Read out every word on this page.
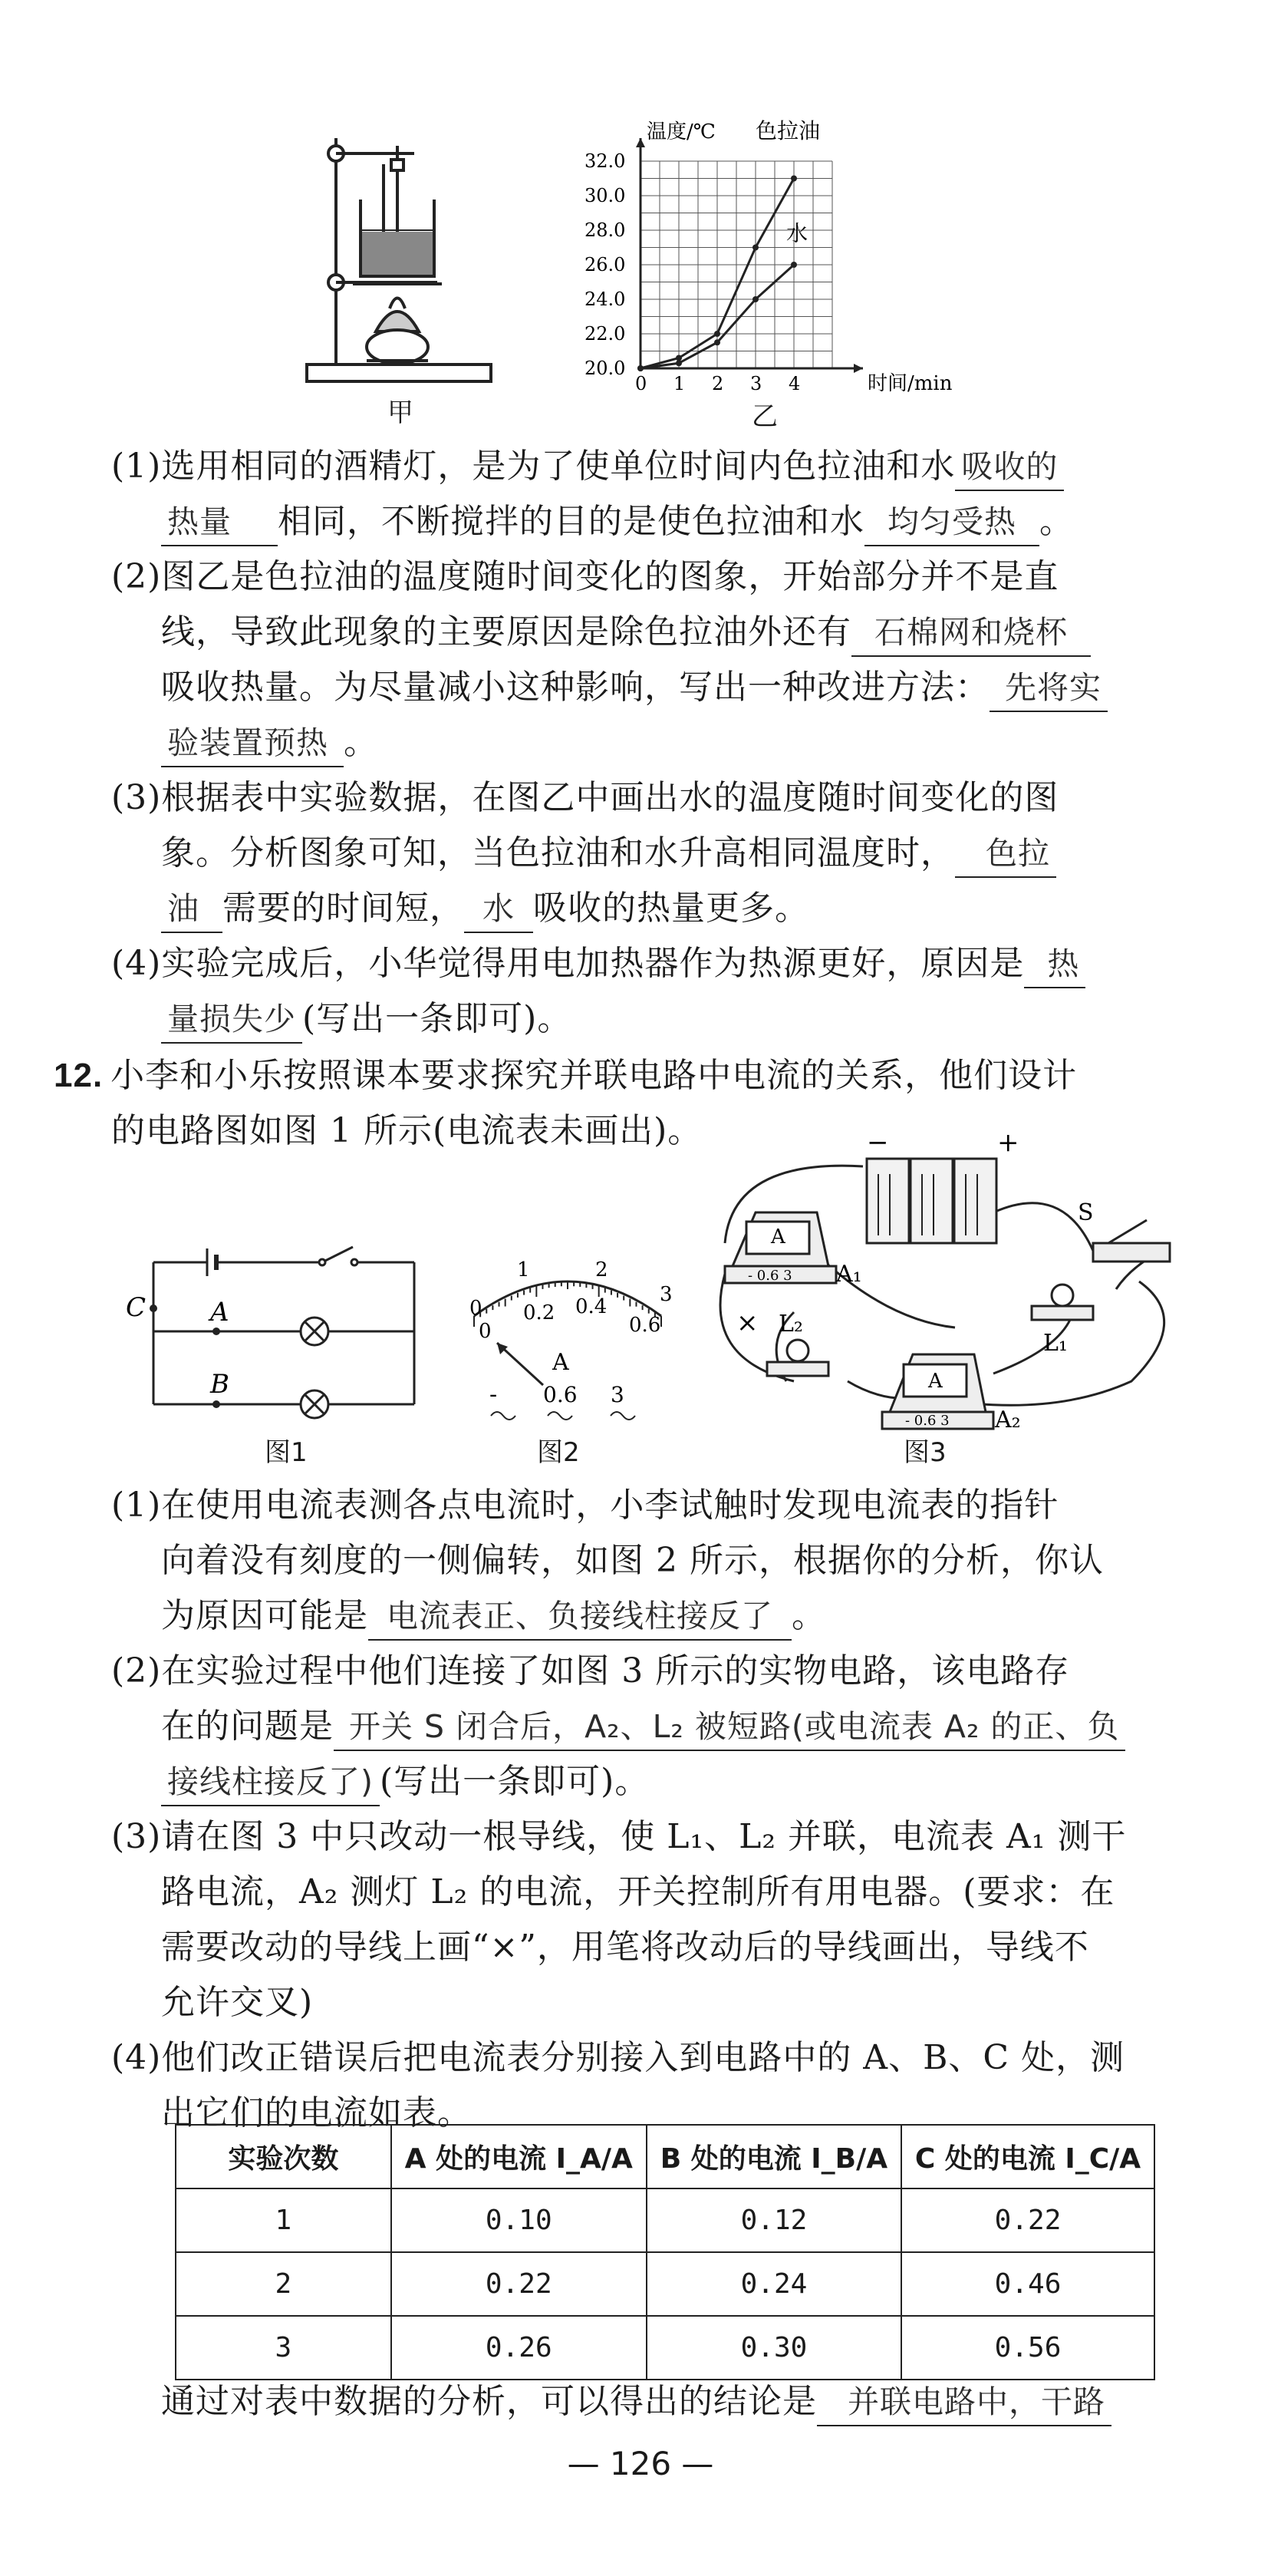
甲
0 1 2 3 4
20.0
22.0
24.0
26.0
28.0
30.0
32.0
温度/℃
时间/min
色拉油
水
乙
(1)选用相同的酒精灯，是为了使单位时间内色拉油和水 吸收的
热量 相同，不断搅拌的目的是使色拉油和水 均匀受热 。
(2)图乙是色拉油的温度随时间变化的图象，开始部分并不是直
线，导致此现象的主要原因是除色拉油外还有 石棉网和烧杯
吸收热量。为尽量减小这种影响，写出一种改进方法： 先将实
验装置预热 。
(3)根据表中实验数据，在图乙中画出水的温度随时间变化的图
象。分析图象可知，当色拉油和水升高相同温度时， 色拉
油 需要的时间短， 水 吸收的热量更多。
(4)实验完成后，小华觉得用电加热器作为热源更好，原因是 热
量损失少 (写出一条即可)。
12. 小李和小乐按照课本要求探究并联电路中电流的关系，他们设计
的电路图如图 1 所示(电流表未画出)。
C A
B
图1
0
1	2
3
0
0.2 0.4
0.6
A
- 0.6 3
图2
−	+
A
- 0.6 3 A₁
A
- 0.6 3 A₂
S
L₁
L₂
×
图3
(1)在使用电流表测各点电流时，小李试触时发现电流表的指针
向着没有刻度的一侧偏转，如图 2 所示，根据你的分析，你认
为原因可能是 电流表正、负接线柱接反了 。
(2)在实验过程中他们连接了如图 3 所示的实物电路，该电路存
在的问题是 开关 S 闭合后，A₂、L₂ 被短路(或电流表 A₂ 的正、负
接线柱接反了) (写出一条即可)。
(3)请在图 3 中只改动一根导线，使 L₁、L₂ 并联，电流表 A₁ 测干
路电流，A₂ 测灯 L₂ 的电流，开关控制所有用电器。(要求：在
需要改动的导线上画“×”，用笔将改动后的导线画出，导线不
允许交叉)
(4)他们改正错误后把电流表分别接入到电路中的 A、B、C 处，测
出它们的电流如表。
实验次数	A 处的电流 I_A/A	B 处的电流 I_B/A	C 处的电流 I_C/A
1	0.10	0.12	0.22
2	0.22	0.24	0.46
3	0.26	0.30	0.56
通过对表中数据的分析，可以得出的结论是 并联电路中，干路
— 126 —
